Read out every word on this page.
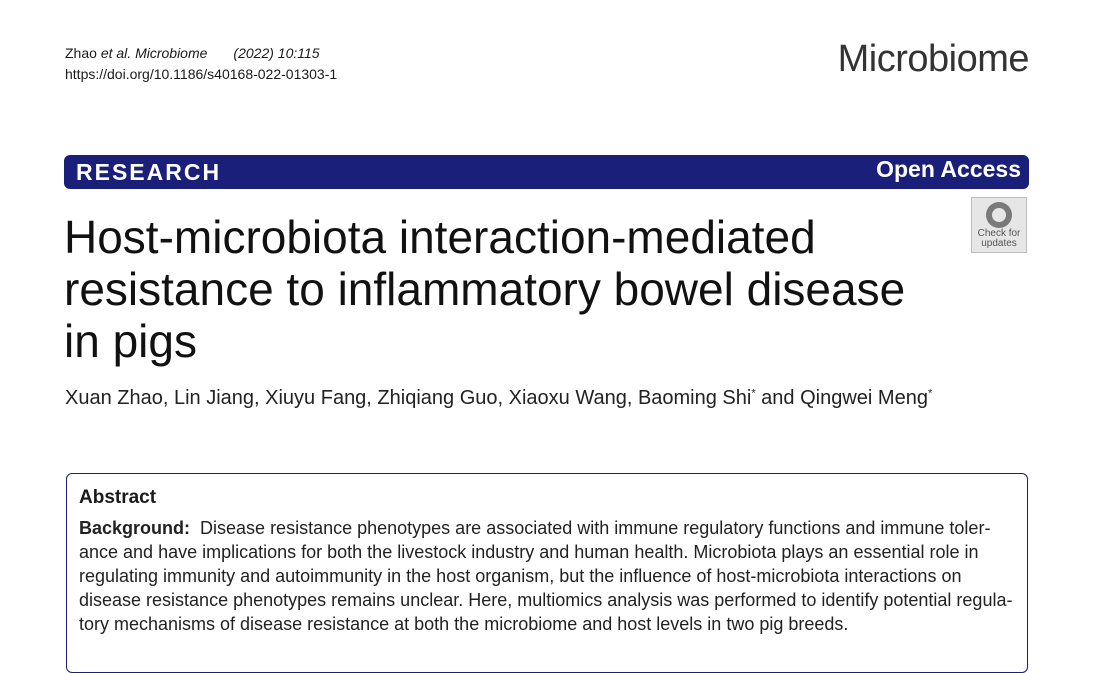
Zhao et al. Microbiome (2022) 10:115
https://doi.org/10.1186/s40168-022-01303-1	Microbiome
RESEARCH	Open Access
Check for
updates
Host-microbiota interaction-mediated
resistance to inflammatory bowel disease
in pigs
Xuan Zhao, Lin Jiang, Xiuyu Fang, Zhiqiang Guo, Xiaoxu Wang, Baoming Shi* and Qingwei Meng*
Abstract
Background: Disease resistance phenotypes are associated with immune regulatory functions and immune toler-
ance and have implications for both the livestock industry and human health. Microbiota plays an essential role in
regulating immunity and autoimmunity in the host organism, but the influence of host-microbiota interactions on
disease resistance phenotypes remains unclear. Here, multiomics analysis was performed to identify potential regula-
tory mechanisms of disease resistance at both the microbiome and host levels in two pig breeds.
